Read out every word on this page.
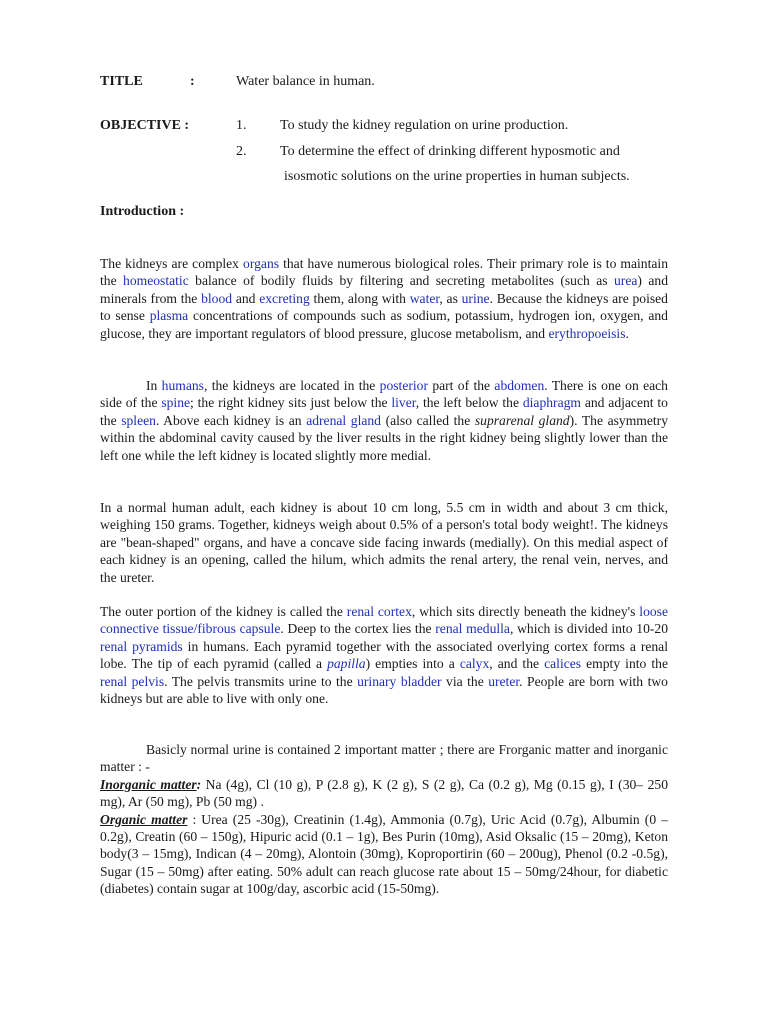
TITLE	:	Water balance in human.
OBJECTIVE :	1. To study the kidney regulation on urine production.
2. To determine the effect of drinking different hyposmotic and
isosmotic solutions on the urine properties in human subjects.
Introduction :

The kidneys are complex organs that have numerous biological roles. Their primary role is to maintain the homeostatic balance of bodily fluids by filtering and secreting metabolites (such as urea) and minerals from the blood and excreting them, along with water, as urine. Because the kidneys are poised to sense plasma concentrations of compounds such as sodium, potassium, hydrogen ion, oxygen, and glucose, they are important regulators of blood pressure, glucose metabolism, and erythropoeisis.

In humans, the kidneys are located in the posterior part of the abdomen. There is one on each side of the spine; the right kidney sits just below the liver, the left below the diaphragm and adjacent to the spleen. Above each kidney is an adrenal gland (also called the suprarenal gland). The asymmetry within the abdominal cavity caused by the liver results in the right kidney being slightly lower than the left one while the left kidney is located slightly more medial.

In a normal human adult, each kidney is about 10 cm long, 5.5 cm in width and about 3 cm thick, weighing 150 grams. Together, kidneys weigh about 0.5% of a person's total body weight!. The kidneys are "bean-shaped" organs, and have a concave side facing inwards (medially). On this medial aspect of each kidney is an opening, called the hilum, which admits the renal artery, the renal vein, nerves, and the ureter.

The outer portion of the kidney is called the renal cortex, which sits directly beneath the kidney's loose connective tissue/fibrous capsule. Deep to the cortex lies the renal medulla, which is divided into 10-20 renal pyramids in humans. Each pyramid together with the associated overlying cortex forms a renal lobe. The tip of each pyramid (called a papilla) empties into a calyx, and the calices empty into the renal pelvis. The pelvis transmits urine to the urinary bladder via the ureter. People are born with two kidneys but are able to live with only one.

Basicly normal urine is contained 2 important matter ; there are Frorganic matter and inorganic matter : -

Inorganic matter: Na (4g), Cl (10 g), P (2.8 g), K (2 g), S (2 g), Ca (0.2 g), Mg (0.15 g), I (30– 250 mg), Ar (50 mg), Pb (50 mg) .

Organic matter : Urea (25 -30g), Creatinin (1.4g), Ammonia (0.7g), Uric Acid (0.7g), Albumin (0 – 0.2g), Creatin (60 – 150g), Hipuric acid (0.1 – 1g), Bes Purin (10mg), Asid Oksalic (15 – 20mg), Keton body(3 – 15mg), Indican (4 – 20mg), Alontoin (30mg), Koproportirin (60 – 200ug), Phenol (0.2 -0.5g), Sugar (15 – 50mg) after eating. 50% adult can reach glucose rate about 15 – 50mg/24hour, for diabetic (diabetes) contain sugar at 100g/day, ascorbic acid (15-50mg).
